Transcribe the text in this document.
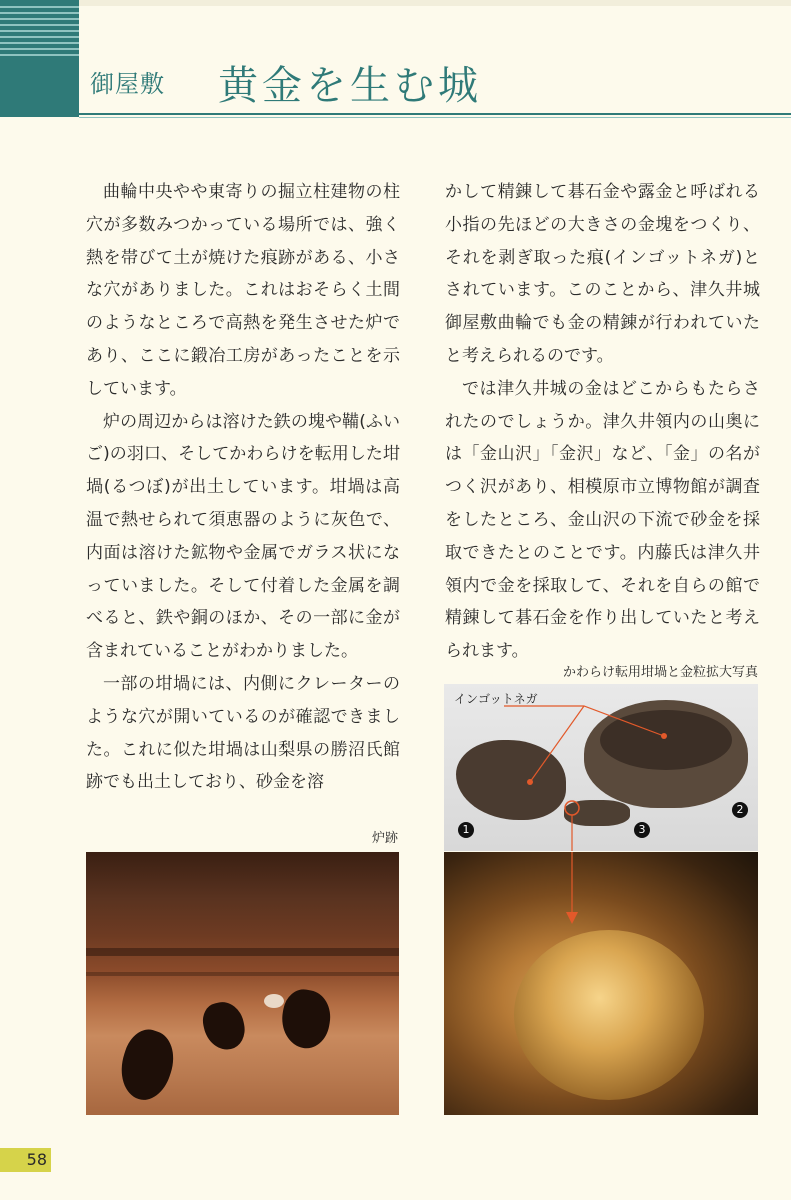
御屋敷 黄金を生む城

曲輪中央やや東寄りの掘立柱建物の柱穴が多数みつかっている場所では、強く熱を帯びて土が焼けた痕跡がある、小さな穴がありました。これはおそらく土間のようなところで高熱を発生させた炉であり、ここに鍛冶工房があったことを示しています。

炉の周辺からは溶けた鉄の塊や鞴(ふいご)の羽口、そしてかわらけを転用した坩堝(るつぼ)が出土しています。坩堝は高温で熱せられて須恵器のように灰色で、内面は溶けた鉱物や金属でガラス状になっていました。そして付着した金属を調べると、鉄や銅のほか、その一部に金が含まれていることがわかりました。

一部の坩堝には、内側にクレーターのような穴が開いているのが確認できました。これに似た坩堝は山梨県の勝沼氏館跡でも出土しており、砂金を溶

かして精錬して碁石金や露金と呼ばれる小指の先ほどの大きさの金塊をつくり、それを剥ぎ取った痕(インゴットネガ)とされています。このことから、津久井城御屋敷曲輪でも金の精錬が行われていたと考えられるのです。

では津久井城の金はどこからもたらされたのでしょうか。津久井領内の山奥には「金山沢」「金沢」など、「金」の名がつく沢があり、相模原市立博物館が調査をしたところ、金山沢の下流で砂金を採取できたとのことです。内藤氏は津久井領内で金を採取して、それを自らの館で精錬して碁石金を作り出していたと考えられます。

炉跡
かわらけ転用坩堝と金粒拡大写真
インゴットネガ
1
2
3
58
